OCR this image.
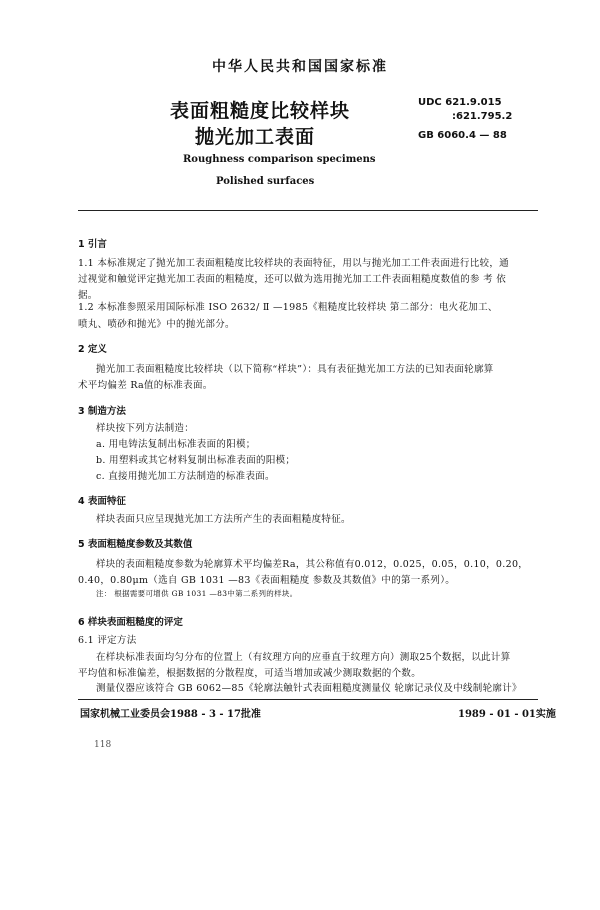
中华人民共和国国家标准
表面粗糙度比较样块
抛光加工表面
UDC 621.9.015
:621.795.2
GB 6060.4 — 88
Roughness comparison specimens
Polished surfaces
1 引言
1.1 本标准规定了抛光加工表面粗糙度比较样块的表面特征，用以与抛光加工工件表面进行比较，通
过视觉和触觉评定抛光加工表面的粗糙度，还可以做为选用抛光加工工件表面粗糙度数值的参 考 依
据。
1.2 本标准参照采用国际标准 ISO 2632/ Ⅱ —1985《粗糙度比较样块 第二部分：电火花加工、
喷丸、喷砂和抛光》中的抛光部分。
2 定义
抛光加工表面粗糙度比较样块（以下简称“样块”）：具有表征抛光加工方法的已知表面轮廓算
术平均偏差 Ra值的标准表面。
3 制造方法
样块按下列方法制造：
a. 用电铸法复制出标准表面的阳模；
b. 用塑料或其它材料复制出标准表面的阳模；
c. 直接用抛光加工方法制造的标准表面。
4 表面特征
样块表面只应呈现抛光加工方法所产生的表面粗糙度特征。
5 表面粗糙度参数及其数值
样块的表面粗糙度参数为轮廓算术平均偏差Ra，其公称值有0.012，0.025，0.05，0.10，0.20，
0.40，0.80μm（选自 GB 1031 —83《表面粗糙度 参数及其数值》中的第一系列）。
注： 根据需要可增供 GB 1031 —83中第二系列的样块。
6 样块表面粗糙度的评定
6.1 评定方法
在样块标准表面均匀分布的位置上（有纹理方向的应垂直于纹理方向）测取25个数据，以此计算
平均值和标准偏差，根据数据的分散程度，可适当增加或减少测取数据的个数。
测量仪器应该符合 GB 6062—85《轮廓法触针式表面粗糙度测量仪 轮廓记录仪及中线制轮廓计》
国家机械工业委员会1988 - 3 - 17批准	1989 - 01 - 01实施
118
